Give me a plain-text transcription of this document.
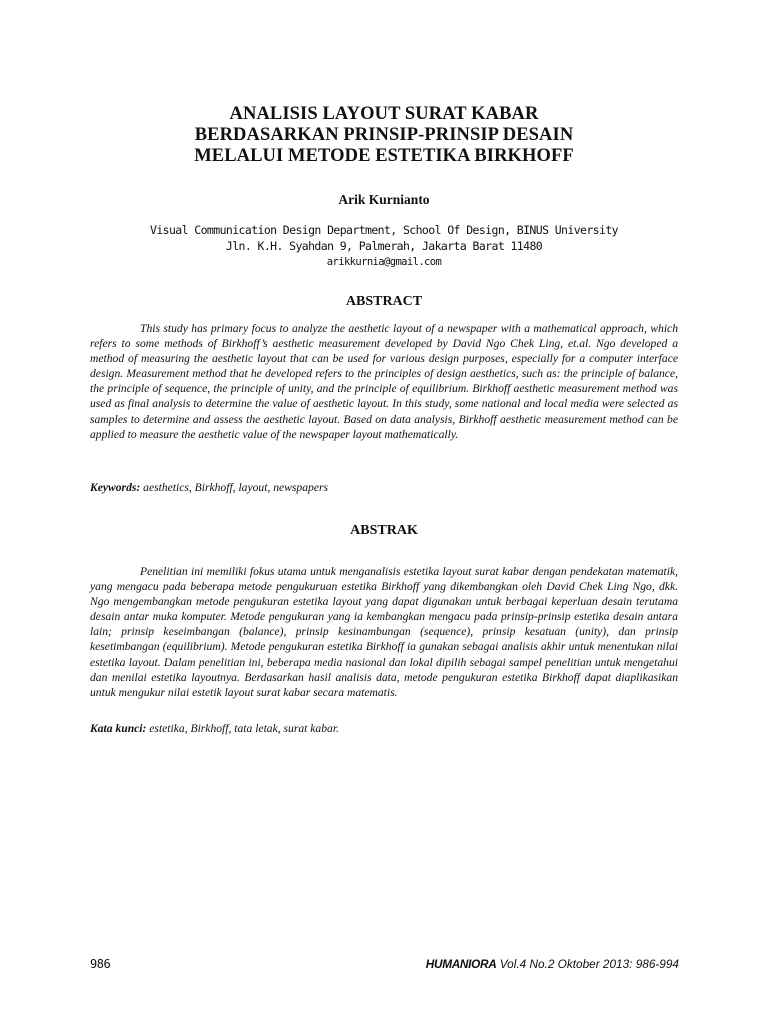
ANALISIS LAYOUT SURAT KABAR
BERDASARKAN PRINSIP-PRINSIP DESAIN
MELALUI METODE ESTETIKA BIRKHOFF
Arik Kurnianto
Visual Communication Design Department, School Of Design, BINUS University
Jln. K.H. Syahdan 9, Palmerah, Jakarta Barat 11480
arikkurnia@gmail.com
ABSTRACT

This study has primary focus to analyze the aesthetic layout of a newspaper with a mathematical approach, which refers to some methods of Birkhoff’s aesthetic measurement developed by David Ngo Chek Ling, et.al. Ngo developed a method of measuring the aesthetic layout that can be used for various design purposes, especially for a computer interface design. Measurement method that he developed refers to the principles of design aesthetics, such as: the principle of balance, the principle of sequence, the principle of unity, and the principle of equilibrium. Birkhoff aesthetic measurement method was used as final analysis to determine the value of aesthetic layout. In this study, some national and local media were selected as samples to determine and assess the aesthetic layout. Based on data analysis, Birkhoff aesthetic measurement method can be applied to measure the aesthetic value of the newspaper layout mathematically.

Keywords: aesthetics, Birkhoff, layout, newspapers
ABSTRAK

Penelitian ini memiliki fokus utama untuk menganalisis estetika layout surat kabar dengan pendekatan matematik, yang mengacu pada beberapa metode pengukuruan estetika Birkhoff yang dikembangkan oleh David Chek Ling Ngo, dkk. Ngo mengembangkan metode pengukuran estetika layout yang dapat digunakan untuk berbagai keperluan desain terutama desain antar muka komputer. Metode pengukuran yang ia kembangkan mengacu pada prinsip-prinsip estetika desain antara lain; prinsip keseimbangan (balance), prinsip kesinambungan (sequence), prinsip kesatuan (unity), dan prinsip kesetimbangan (equilibrium). Metode pengukuran estetika Birkhoff ia gunakan sebagai analisis akhir untuk menentukan nilai estetika layout. Dalam penelitian ini, beberapa media nasional dan lokal dipilih sebagai sampel penelitian untuk mengetahui dan menilai estetika layoutnya. Berdasarkan hasil analisis data, metode pengukuran estetika Birkhoff dapat diaplikasikan untuk mengukur nilai estetik layout surat kabar secara matematis.

Kata kunci: estetika, Birkhoff, tata letak, surat kabar.
986	HUMANIORA Vol.4 No.2 Oktober 2013: 986-994
